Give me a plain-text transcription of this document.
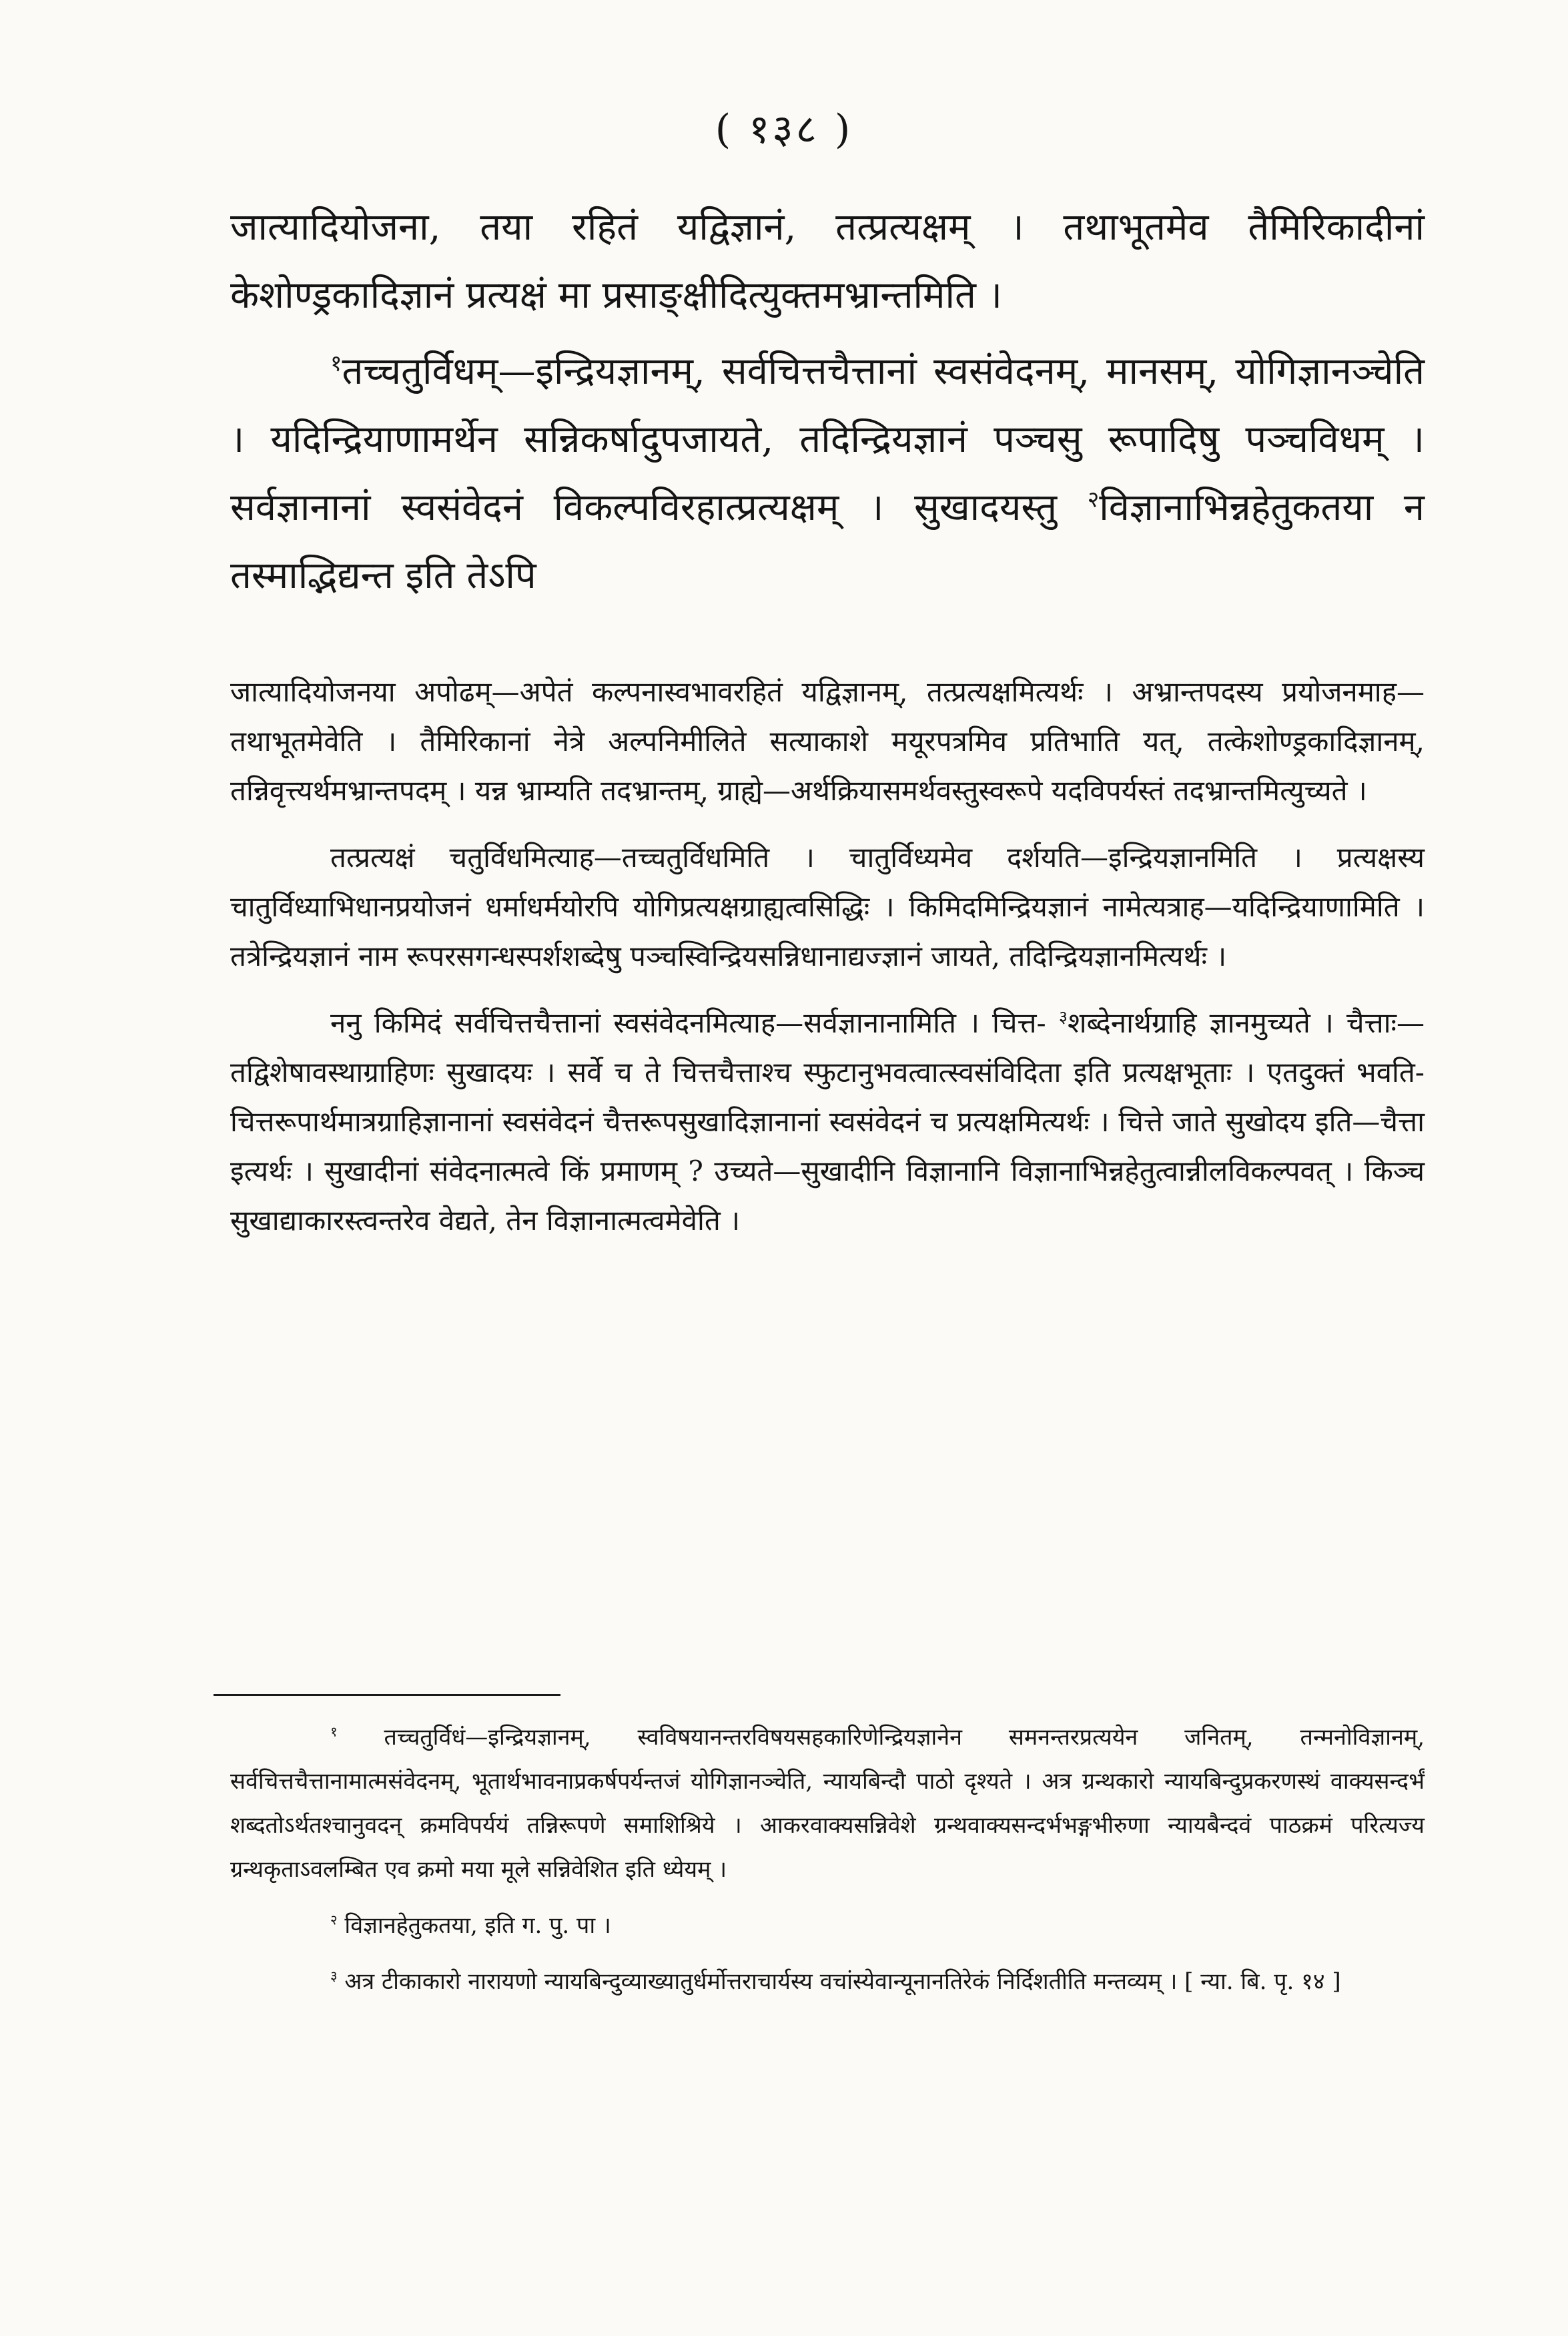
( १३८ )

जात्यादियोजना, तया रहितं यद्विज्ञानं, तत्प्रत्यक्षम् । तथाभूतमेव तैमिरिकादीनां केशोण्ड्रकादिज्ञानं प्रत्यक्षं मा प्रसाङ्क्षीदित्युक्तमभ्रान्तमिति ।

$^१$तच्चतुर्विधम्—इन्द्रियज्ञानम्, सर्वचित्तचैत्तानां स्वसंवेदनम्, मानसम्, योगिज्ञानञ्चेति । यदिन्द्रियाणामर्थेन सन्निकर्षादुपजायते, तदिन्द्रियज्ञानं पञ्चसु रूपादिषु पञ्चविधम् । सर्वज्ञानानां स्वसंवेदनं विकल्पविरहात्प्रत्यक्षम् । सुखादयस्तु $^२$विज्ञानाभिन्नहेतुकतया न तस्माद्भिद्यन्त इति तेऽपि

जात्यादियोजनया अपोढम्—अपेतं कल्पनास्वभावरहितं यद्विज्ञानम्, तत्प्रत्यक्षमित्यर्थः । अभ्रान्तपदस्य प्रयोजनमाह—तथाभूतमेवेति । तैमिरिकानां नेत्रे अल्पनिमीलिते सत्याकाशे मयूरपत्रमिव प्रतिभाति यत्, तत्केशोण्ड्रकादिज्ञानम्, तन्निवृत्त्यर्थमभ्रान्तपदम् । यन्न भ्राम्यति तदभ्रान्तम्, ग्राह्ये—अर्थक्रियासमर्थवस्तुस्वरूपे यदविपर्यस्तं तदभ्रान्तमित्युच्यते ।

तत्प्रत्यक्षं चतुर्विधमित्याह—तच्चतुर्विधमिति । चातुर्विध्यमेव दर्शयति—इन्द्रियज्ञानमिति । प्रत्यक्षस्य चातुर्विध्याभिधानप्रयोजनं धर्माधर्मयोरपि योगिप्रत्यक्षग्राह्यत्वसिद्धिः । किमिदमिन्द्रियज्ञानं नामेत्यत्राह—यदिन्द्रियाणामिति । तत्रेन्द्रियज्ञानं नाम रूपरसगन्धस्पर्शशब्देषु पञ्चस्विन्द्रियसन्निधानाद्यज्ज्ञानं जायते, तदिन्द्रियज्ञानमित्यर्थः ।

ननु किमिदं सर्वचित्तचैत्तानां स्वसंवेदनमित्याह—सर्वज्ञानानामिति । चित्त- $^३$शब्देनार्थग्राहि ज्ञानमुच्यते । चैत्ताः—तद्विशेषावस्थाग्राहिणः सुखादयः । सर्वे च ते चित्तचैत्ताश्च स्फुटानुभवत्वात्स्वसंविदिता इति प्रत्यक्षभूताः । एतदुक्तं भवति-चित्तरूपार्थमात्रग्राहिज्ञानानां स्वसंवेदनं चैत्तरूपसुखादिज्ञानानां स्वसंवेदनं च प्रत्यक्षमित्यर्थः । चित्ते जाते सुखोदय इति—चैत्ता इत्यर्थः । सुखादीनां संवेदनात्मत्वे किं प्रमाणम् ? उच्यते—सुखादीनि विज्ञानानि विज्ञानाभिन्नहेतुत्वान्नीलविकल्पवत् । किञ्च सुखाद्याकारस्त्वन्तरेव वेद्यते, तेन विज्ञानात्मत्वमेवेति ।

$^१$ तच्चतुर्विधं—इन्द्रियज्ञानम्, स्वविषयानन्तरविषयसहकारिणेन्द्रियज्ञानेन समनन्तरप्रत्ययेन जनितम्, तन्मनोविज्ञानम्, सर्वचित्तचैत्तानामात्मसंवेदनम्, भूतार्थभावनाप्रकर्षपर्यन्तजं योगिज्ञानञ्चेति, न्यायबिन्दौ पाठो दृश्यते । अत्र ग्रन्थकारो न्यायबिन्दुप्रकरणस्थं वाक्यसन्दर्भं शब्दतोऽर्थतश्चानुवदन् क्रमविपर्ययं तन्निरूपणे समाशिश्रिये । आकरवाक्यसन्निवेशे ग्रन्थवाक्यसन्दर्भभङ्गभीरुणा न्यायबैन्दवं पाठक्रमं परित्यज्य ग्रन्थकृताऽवलम्बित एव क्रमो मया मूले सन्निवेशित इति ध्येयम् ।

$^२$ विज्ञानहेतुकतया, इति ग. पु. पा ।

$^३$ अत्र टीकाकारो नारायणो न्यायबिन्दुव्याख्यातुर्धर्मोत्तराचार्यस्य वचांस्येवान्यूनानतिरेकं निर्दिशतीति मन्तव्यम् । [ न्या. बि. पृ. १४ ]
